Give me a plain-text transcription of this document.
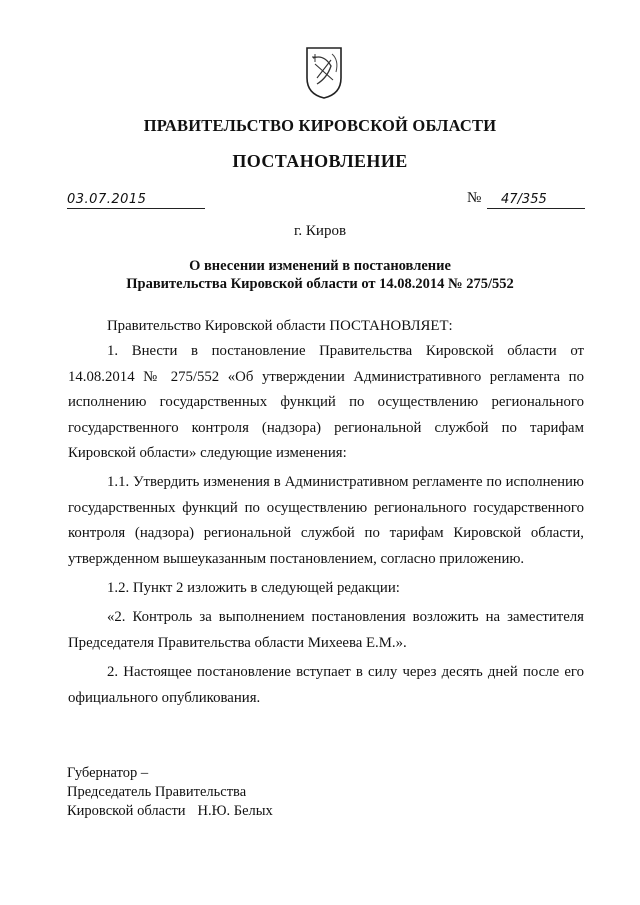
ПРАВИТЕЛЬСТВО КИРОВСКОЙ ОБЛАСТИ
ПОСТАНОВЛЕНИЕ
03.07.2015	№	47/355
г. Киров
О внесении изменений в постановление
Правительства Кировской области от 14.08.2014 № 275/552

Правительство Кировской области ПОСТАНОВЛЯЕТ:

1. Внести в постановление Правительства Кировской области от 14.08.2014 № 275/552 «Об утверждении Административного регламента по исполнению государственных функций по осуществлению регионального государственного контроля (надзора) региональной службой по тарифам Кировской области» следующие изменения:

1.1. Утвердить изменения в Административном регламенте по исполнению государственных функций по осуществлению регионального государственного контроля (надзора) региональной службой по тарифам Кировской области, утвержденном вышеуказанным постановлением, согласно приложению.

1.2. Пункт 2 изложить в следующей редакции:

«2. Контроль за выполнением постановления возложить на заместителя Председателя Правительства области Михеева Е.М.».

2. Настоящее постановление вступает в силу через десять дней после его официального опубликования.

Губернатор –
Председатель Правительства
Кировской области Н.Ю. Белых
